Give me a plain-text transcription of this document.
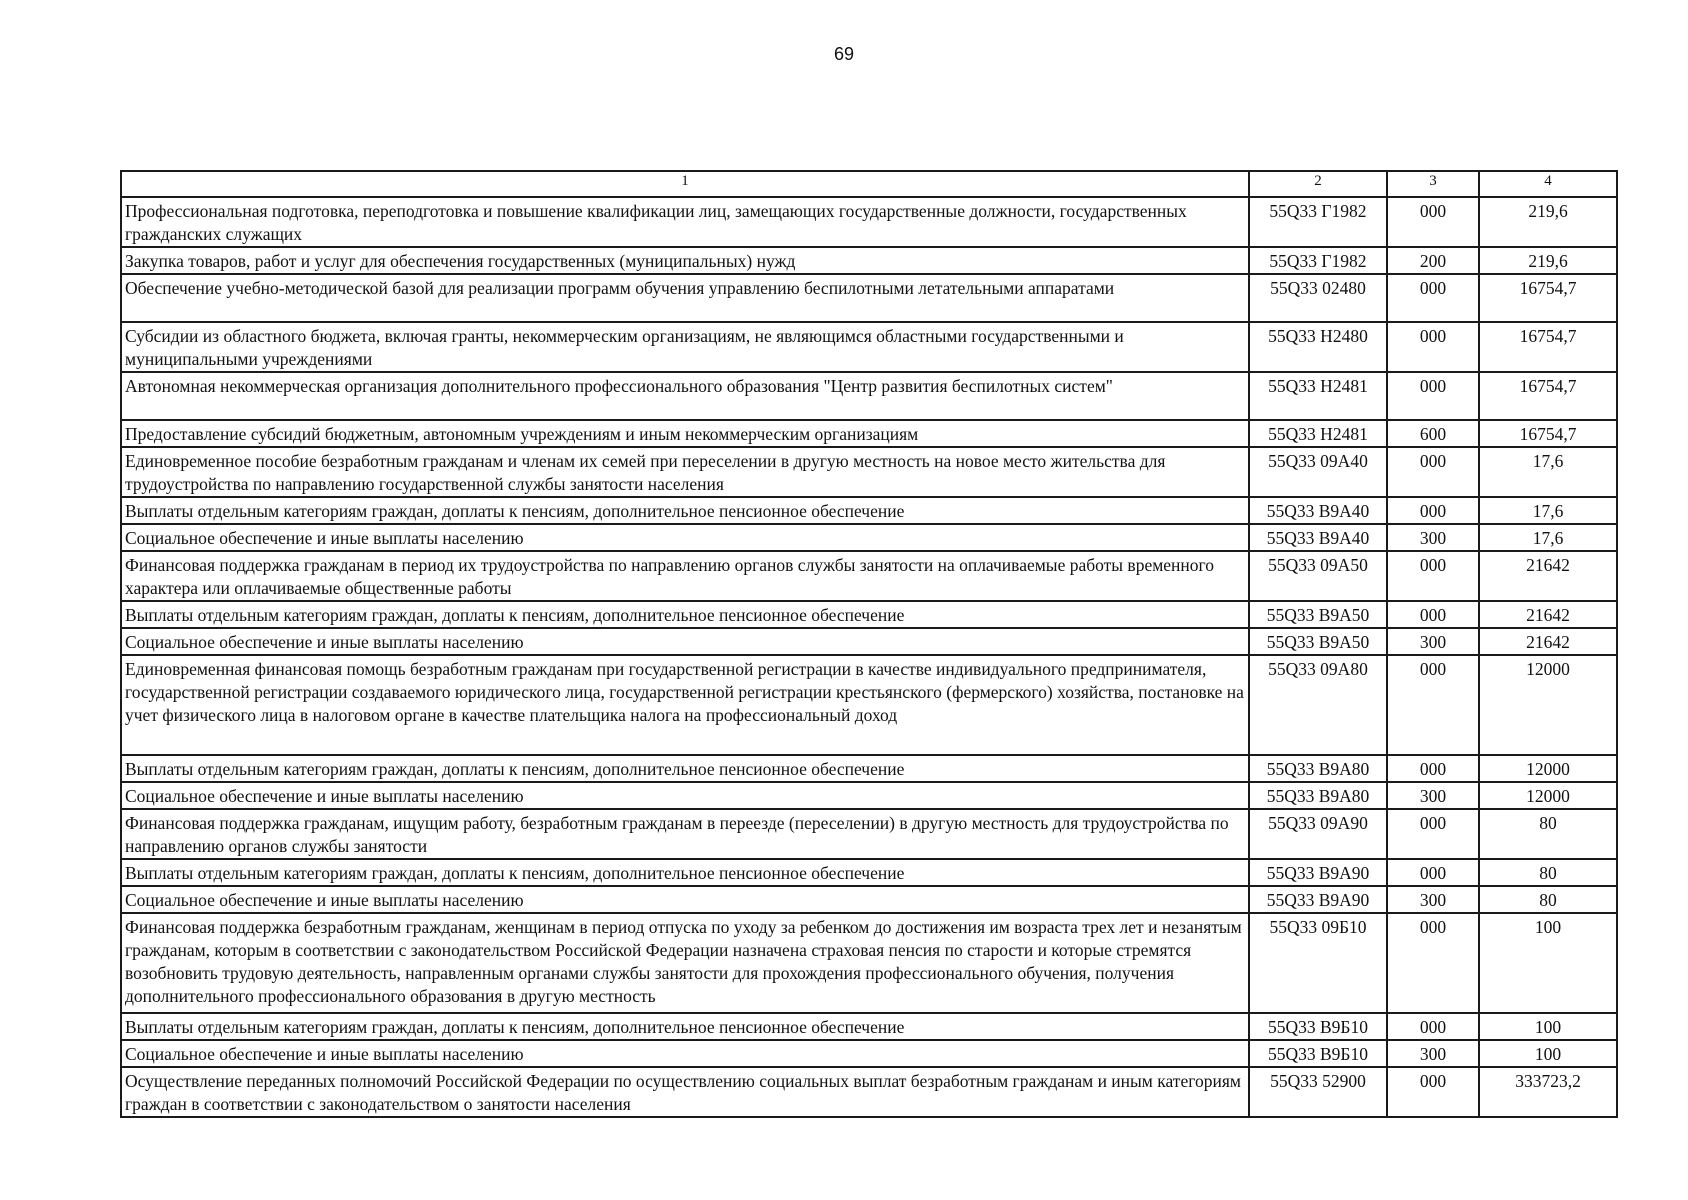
69
1	2	3	4
Профессиональная подготовка, переподготовка и повышение квалификации лиц, замещающих государственные должности, государственных гражданских служащих	55Q33 Г1982	000	219,6
Закупка товаров, работ и услуг для обеспечения государственных (муниципальных) нужд	55Q33 Г1982	200	219,6
Обеспечение учебно-методической базой для реализации программ обучения управлению беспилотными летательными аппаратами	55Q33 02480	000	16754,7
Субсидии из областного бюджета, включая гранты, некоммерческим организациям, не являющимся областными государственными и муниципальными учреждениями	55Q33 Н2480	000	16754,7
Автономная некоммерческая организация дополнительного профессионального образования "Центр развития беспилотных систем"	55Q33 Н2481	000	16754,7
Предоставление субсидий бюджетным, автономным учреждениям и иным некоммерческим организациям	55Q33 Н2481	600	16754,7
Единовременное пособие безработным гражданам и членам их семей при переселении в другую местность на новое место жительства для трудоустройства по направлению государственной службы занятости населения	55Q33 09А40	000	17,6
Выплаты отдельным категориям граждан, доплаты к пенсиям, дополнительное пенсионное обеспечение	55Q33 В9А40	000	17,6
Социальное обеспечение и иные выплаты населению	55Q33 В9А40	300	17,6
Финансовая поддержка гражданам в период их трудоустройства по направлению органов службы занятости на оплачиваемые работы временного характера или оплачиваемые общественные работы	55Q33 09А50	000	21642
Выплаты отдельным категориям граждан, доплаты к пенсиям, дополнительное пенсионное обеспечение	55Q33 В9А50	000	21642
Социальное обеспечение и иные выплаты населению	55Q33 В9А50	300	21642
Единовременная финансовая помощь безработным гражданам при государственной регистрации в качестве индивидуального предпринимателя, государственной регистрации создаваемого юридического лица, государственной регистрации крестьянского (фермерского) хозяйства, постановке на учет физического лица в налоговом органе в качестве плательщика налога на профессиональный доход	55Q33 09А80	000	12000
Выплаты отдельным категориям граждан, доплаты к пенсиям, дополнительное пенсионное обеспечение	55Q33 В9А80	000	12000
Социальное обеспечение и иные выплаты населению	55Q33 В9А80	300	12000
Финансовая поддержка гражданам, ищущим работу, безработным гражданам в переезде (переселении) в другую местность для трудоустройства по направлению органов службы занятости	55Q33 09А90	000	80
Выплаты отдельным категориям граждан, доплаты к пенсиям, дополнительное пенсионное обеспечение	55Q33 В9А90	000	80
Социальное обеспечение и иные выплаты населению	55Q33 В9А90	300	80
Финансовая поддержка безработным гражданам, женщинам в период отпуска по уходу за ребенком до достижения им возраста трех лет и незанятым гражданам, которым в соответствии с законодательством Российской Федерации назначена страховая пенсия по старости и которые стремятся возобновить трудовую деятельность, направленным органами службы занятости для прохождения профессионального обучения, получения дополнительного профессионального образования в другую местность	55Q33 09Б10	000	100
Выплаты отдельным категориям граждан, доплаты к пенсиям, дополнительное пенсионное обеспечение	55Q33 В9Б10	000	100
Социальное обеспечение и иные выплаты населению	55Q33 В9Б10	300	100
Осуществление переданных полномочий Российской Федерации по осуществлению социальных выплат безработным гражданам и иным категориям граждан в соответствии с законодательством о занятости населения	55Q33 52900	000	333723,2
